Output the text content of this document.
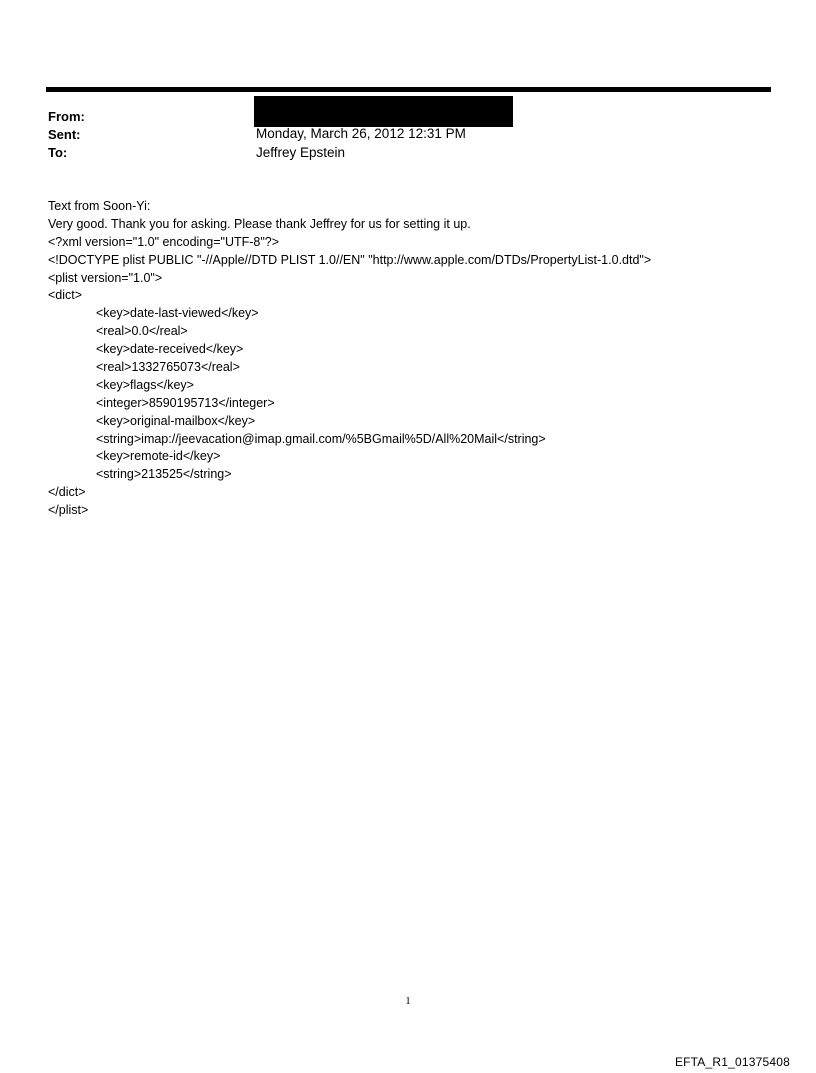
From:
Sent:	Monday, March 26, 2012 12:31 PM
To:	Jeffrey Epstein
Text from Soon-Yi:
Very good. Thank you for asking. Please thank Jeffrey for us for setting it up.
<?xml version="1.0" encoding="UTF-8"?>
<!DOCTYPE plist PUBLIC "-//Apple//DTD PLIST 1.0//EN" "http://www.apple.com/DTDs/PropertyList-1.0.dtd">
<plist version="1.0">
<dict>
<key>date-last-viewed</key>
<real>0.0</real>
<key>date-received</key>
<real>1332765073</real>
<key>flags</key>
<integer>8590195713</integer>
<key>original-mailbox</key>
<string>imap://jeevacation@imap.gmail.com/%5BGmail%5D/All%20Mail</string>
<key>remote-id</key>
<string>213525</string>
</dict>
</plist>
1
EFTA_R1_01375408
